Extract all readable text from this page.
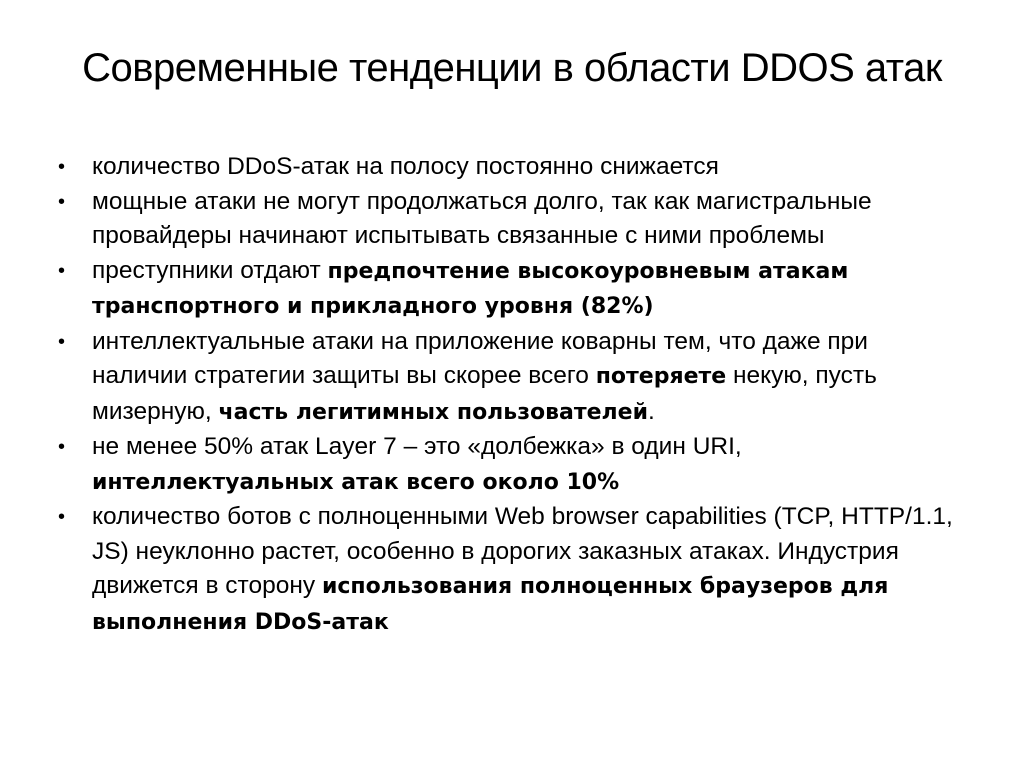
Современные тенденции в области DDOS атак
• количество DDoS-атак на полосу постоянно снижается
• мощные атаки не могут продолжаться долго, так как магистральные провайдеры начинают испытывать связанные с ними проблемы
• преступники отдают предпочтение высокоуровневым атакам транспортного и прикладного уровня (82%)
• интеллектуальные атаки на приложение коварны тем, что даже при наличии стратегии защиты вы скорее всего потеряете некую, пусть мизерную, часть легитимных пользователей.
• не менее 50% атак Layer 7 – это «долбежка» в один URI, интеллектуальных атак всего около 10%
• количество ботов с полноценными Web browser capabilities (TCP, HTTP/1.1, JS) неуклонно растет, особенно в дорогих заказных атаках. Индустрия движется в сторону использования полноценных браузеров для выполнения DDoS-атак
